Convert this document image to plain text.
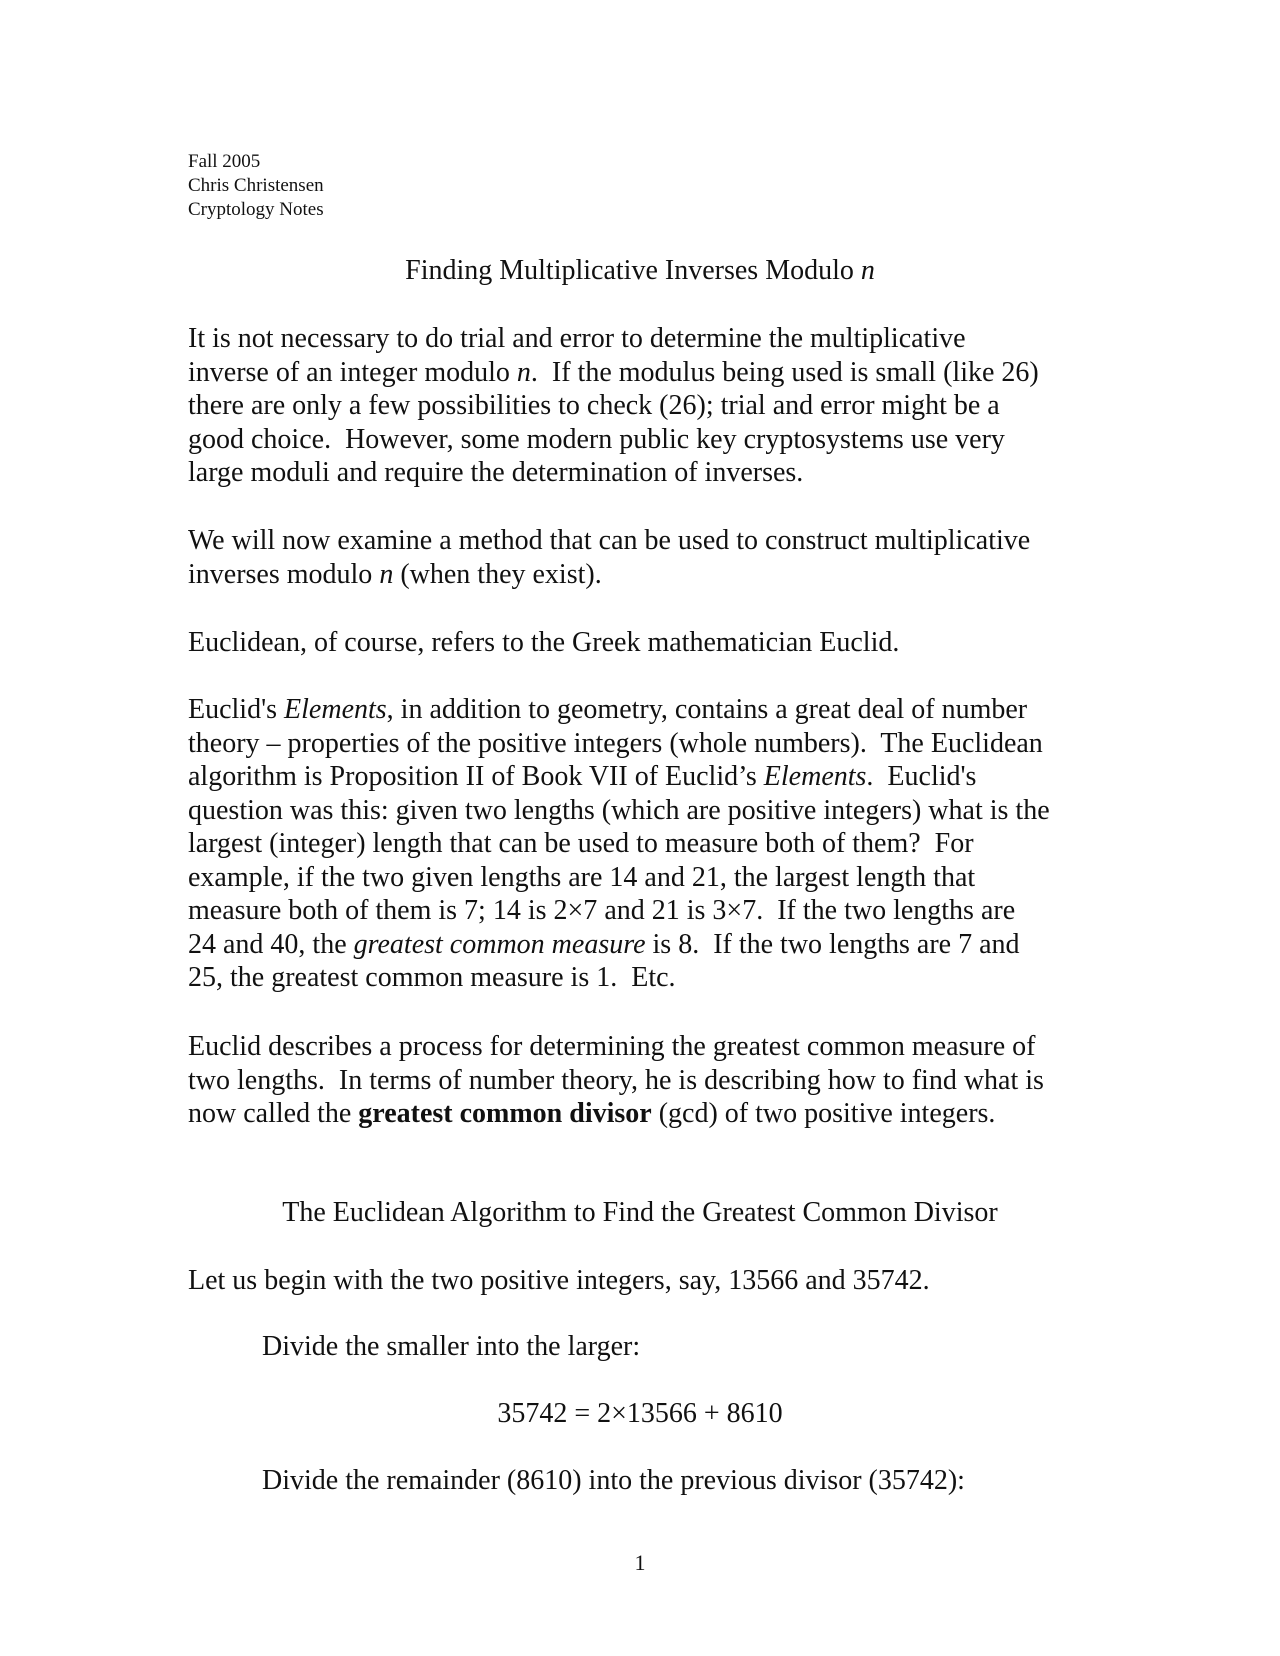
Fall 2005
Chris Christensen
Cryptology Notes
Finding Multiplicative Inverses Modulo n
It is not necessary to do trial and error to determine the multiplicative
inverse of an integer modulo n.  If the modulus being used is small (like 26)
there are only a few possibilities to check (26); trial and error might be a
good choice.  However, some modern public key cryptosystems use very
large moduli and require the determination of inverses.
We will now examine a method that can be used to construct multiplicative
inverses modulo n (when they exist).
Euclidean, of course, refers to the Greek mathematician Euclid.
Euclid's Elements, in addition to geometry, contains a great deal of number
theory – properties of the positive integers (whole numbers).  The Euclidean
algorithm is Proposition II of Book VII of Euclid’s Elements.  Euclid's
question was this: given two lengths (which are positive integers) what is the
largest (integer) length that can be used to measure both of them?  For
example, if the two given lengths are 14 and 21, the largest length that
measure both of them is 7; 14 is 2×7 and 21 is 3×7.  If the two lengths are
24 and 40, the greatest common measure is 8.  If the two lengths are 7 and
25, the greatest common measure is 1.  Etc.
Euclid describes a process for determining the greatest common measure of
two lengths.  In terms of number theory, he is describing how to find what is
now called the greatest common divisor (gcd) of two positive integers.
The Euclidean Algorithm to Find the Greatest Common Divisor
Let us begin with the two positive integers, say, 13566 and 35742.
Divide the smaller into the larger:
35742 = 2×13566 + 8610
Divide the remainder (8610) into the previous divisor (35742):
1
